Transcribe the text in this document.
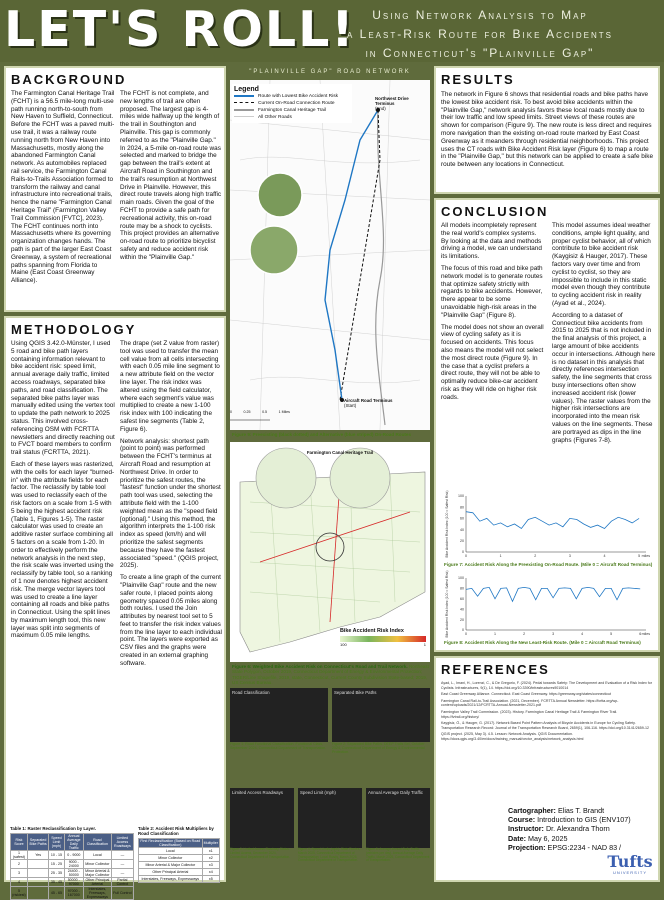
LET'S ROLL!	Using Network Analysis to Map
a Least-Risk Route for Bike Accidents
in Connecticut's "Plainville Gap"
BACKGROUND
The Farmington Canal Heritage Trail (FCHT) is a 56.5 mile-long multi-use path running north-to-south from New Haven to Suffield, Connecticut. Before the FCHT was a paved multi-use trail, it was a railway route running north from New Haven into Massachusetts, mostly along the abandoned Farmington Canal network. As automobiles replaced rail service, the Farmington Canal Rails-to-Trails Association formed to transform the railway and canal infrastructure into recreational trails, hence the name "Farmington Canal Heritage Trail" (Farmington Valley Trail Commission [FVTC], 2023). The FCHT continues north into Massachusetts where its governing organization changes hands. The path is part of the larger East Coast Greenway, a system of recreational paths spanning from Florida to Maine (East Coast Greenway Alliance).
The FCHT is not complete, and new lengths of trail are often proposed. The largest gap is 4-miles wide halfway up the length of the trail in Southington and Plainville. This gap is commonly referred to as the "Plainville Gap." In 2024, a 5-mile on-road route was selected and marked to bridge the gap between the trail's extent at Aircraft Road in Southington and the trail's resumption at Northwest Drive in Plainville. However, this direct route travels along high traffic main roads. Given the goal of the FCHT to provide a safe path for recreational activity, this on-road route may be a shock to cyclists. This project provides an alternative on-road route to prioritize bicyclist safety and reduce accident risk within the "Plainville Gap."
METHODOLOGY

Using QGIS 3.42.0-Münster, I used 5 road and bike path layers containing information relevant to bike accident risk: speed limit, annual average daily traffic, limited access roadways, separated bike paths, and road classification. The separated bike paths layer was manually edited using the vertex tool to update the path network to 2025 status. This involved cross-referencing OSM with FCRTTA newsletters and directly reaching out to FVCT board members to confirm trail status (FCRTTA, 2021).

Each of these layers was rasterized, with the cells for each layer "burned-in" with the attribute fields for each factor. The reclassify by table tool was used to reclassify each of the risk factors on a scale from 1-5 with 5 being the highest accident risk (Table 1, Figures 1-5). The raster calculator was used to create an additive raster surface combining all 5 factors on a scale from 1-20. In order to effectively perform the network analysis in the next step, the risk scale was inverted using the reclassify by table tool, so a ranking of 1 now denotes highest accident risk. The merge vector layers tool was used to create a line layer containing all roads and bike paths in Connecticut. Using the split lines by maximum length tool, this new layer was split into segments of maximum 0.05 mile lengths.

The drape (set Z value from raster) tool was used to transfer the mean cell value from all cells intersecting with each 0.05 mile line segment to a new attribute field on the vector line layer. The risk index was altered using the field calculator, where each segment's value was multiplied to create a new 1-100 risk index with 100 indicating the safest line segments (Table 2, Figure 6).

Network analysis: shortest path (point to point) was performed between the FCHT's terminus at Aircraft Road and resumption at Northwest Drive. In order to prioritize the safest routes, the "fastest" function under the shortest path tool was used, selecting the attribute field with the 1-100 weighted mean as the "speed field [optional]." Using this method, the algorithm interprets the 1-100 risk index as speed (km/h) and will prioritize the safest segments because they have the fastest associated "speed." (QGIS project, 2025).

To create a line graph of the current "Plainville Gap" route and the new safer route, I placed points along geometry spaced 0.05 miles along both routes. I used the Join attributes by nearest tool set to 5 feet to transfer the risk index values from the line layer to each individual point. The layers were exported as CSV files and the graphs were created in an external graphing software.

Table 1: Raster Reclassification by Layer.
Risk Score	Separated Bike Paths	Speed Limit (mph)	Annual Average Daily Traffic	Road Classification	Limited Access Roadways
1 (safest)	Yes	10 - 15	0 - 9000	Local	—
2		15 - 25	9000 - 24000	Minor Collector	—
3		25 - 35	24400 - 50000	Minor Arterial & Major Collector	—
4		35 - 45	50000 - 97000	Other Principal Arterial	Partial Control
5 (riskiest)		45 - 65	97000 - 167000	Interstates, Freeways, Expressways	Full Control
Table 2: Accident Risk Multipliers by Road Classification
First Reclassification (Based on Road Classification)	Multiplier
Local	x1
Minor Collector	x2
Minor Arterial & Major Collector	x3
Other Principal Arterial	x4
Interstates, Freeways, Expressways	x5
"PLAINVILLE GAP" ROAD NETWORK
Legend
Route with Lowest Bike Accident Risk
Current On-Road Connection Route
Farmington Canal Heritage Trail
All Other Roads
Northwest Drive Terminus
(End)
Aircraft Road Terminus
(Start)
0	0.25	0.5	1 Miles
Figure 9: Preexisting (black dotted) and Alternative (blue striped) On-Road Routes
Farmington Canal Heritage Trail
Bike Accident Risk Index
100	1
Figure 6: Weighted Bike Accident Risk on Connecticut's Road and Trail Network. Northeast State Polygon, October 2019, Connecticut Department of Energy & Environmental Protection; TIGER/Line Shapefile, 2019, state, Connecticut, Current County Subdivision State-based; 2019, US Census Bureau.
Road Classification
Figure 1: Road Functional Classification. Functional Class, September 2024, Connecticut Department of Transportation.
Separated Bike Paths
Figure 2: Separated Bike Paths. DEEP Trails Set, October 2024, Connecticut Department of Energy & Environmental Protection.
Limited Access Roadways
Figure 3: Limited Access Roadway Status. Limited Access, December 2024, Connecticut Department of Transportation.
Speed Limit (mph)
Figure 4: Speed Limits (mph). State Routes, March 2025, Connecticut Department of Transportation; Local Roads, March 2025, Connecticut Department of Transportation.
Annual Average Daily Traffic
Figure 5: Average Annual Daily Traffic (vehicles per day). Annual Average Daily Traffic, March 2025, Connecticut Department of Transportation.
RESULTS
The network in Figure 6 shows that residential roads and bike paths have the lowest bike accident risk. To best avoid bike accidents within the "Plainville Gap," network analysis favors these local roads mostly due to their low traffic and low speed limits. Street views of these routes are shown for comparison (Figure 9). The new route is less direct and requires more navigation than the existing on-road route marked by East Coast Greenway as it meanders through residential neighborhoods. This project uses the CT roads with Bike Accident Risk layer (Figure 6) to map a route in the "Plainville Gap," but this network can be applied to create a safe bike route between any locations in Connecticut.
CONCLUSION

All models incompletely represent the real world's complex systems. By looking at the data and methods driving a model, we can understand its limitations.

The focus of this road and bike path network model is to generate routes that optimize safety strictly with regards to bike accidents. However, there appear to be some unavoidable high-risk areas in the "Plainville Gap" (Figure 8).

The model does not show an overall view of cycling safety as it is focused on accidents. This focus also means the model will not select the most direct route (Figure 9). In the case that a cyclist prefers a direct route, they will not be able to optimally reduce bike-car accident risk as they will ride on higher risk roads.

This model assumes ideal weather conditions, ample light quality, and proper cyclist behavior, all of which contribute to bike accident risk (Kaygisiz & Hauger, 2017). These factors vary over time and from cyclist to cyclist, so they are impossible to include in this static model even though they contribute to cycling accident risk in reality (Ayad et al., 2024).

According to a dataset of Connecticut bike accidents from 2015 to 2025 that is not included in the final analysis of this project, a large amount of bike accidents occur in intersections. Although here is no dataset in this analysis that directly references intersection safety, the line segments that cross busy intersections often show increased accident risk (lower values). The raster values from the higher risk intersections are incorporated into the mean risk values on the line segments. These are portrayed as dips in the line graphs (Figures 7-8).

0
20
40
60
80
100
0	1	2	3	4	5 miles
Bike Accident Risk Index (100 = Safest Risk)
Figure 7: Accident Risk Along the Preexisting On-Road Route. (Mile 0 = Aircraft Road Terminus)
0
20
40
60
80
100
0	1	2	3	4	5	6 miles
Bike Accident Risk Index (100 = Safest Risk)
Figure 8: Accident Risk Along the New Least-Risk Route. (Mile 0 = Aircraft Road Terminus)
REFERENCES

Ayad, L., Imani, H., Lorenzi, C., & De Gregorio, F. (2024). Pedal towards Safety: The Development and Evaluation of a Risk Index for Cyclists. Infrastructures, 9(1), 14. https://doi.org/10.3390/infrastructures9010014

East Coast Greenway Alliance. Connecticut. East Coast Greenway. https://greenway.org/states/connecticut

Farmington Canal Rail-to-Trail Association. (2021, December). FCRTTA Annual Newsletter. https://fcrtta.org/wp-content/uploads/2021/12/FCRTTA-Annual-Newsletter-2021.pdf

Farmington Valley Trail Commission. (2023). History. Farmington Canal Heritage Trail & Farmington River Trail. https://fvtrail.org/history/

Kaygisiz, Ö., & Hauger, G. (2017). Network Based Point Pattern Analysis of Bicycle Accidents in Europe for Cycling Safety. Transportation Research Record: Journal of the Transportation Research Board, 2659(1), 106-116. https://doi.org/10.3141/2659-12

QGIS project. (2025, May 3). 4.5. Lesson: Network Analysis. QGIS Documentation. https://docs.qgis.org/3.40/en/docs/training_manual/vector_analysis/network_analysis.html

Cartographer: Elias T. Brandt
Course: Introduction to GIS (ENV107)
Instructor: Dr. Alexandra Thorn
Date: May 6, 2025
Projection: EPSG:2234 - NAD 83 /
Tufts
UNIVERSITY
